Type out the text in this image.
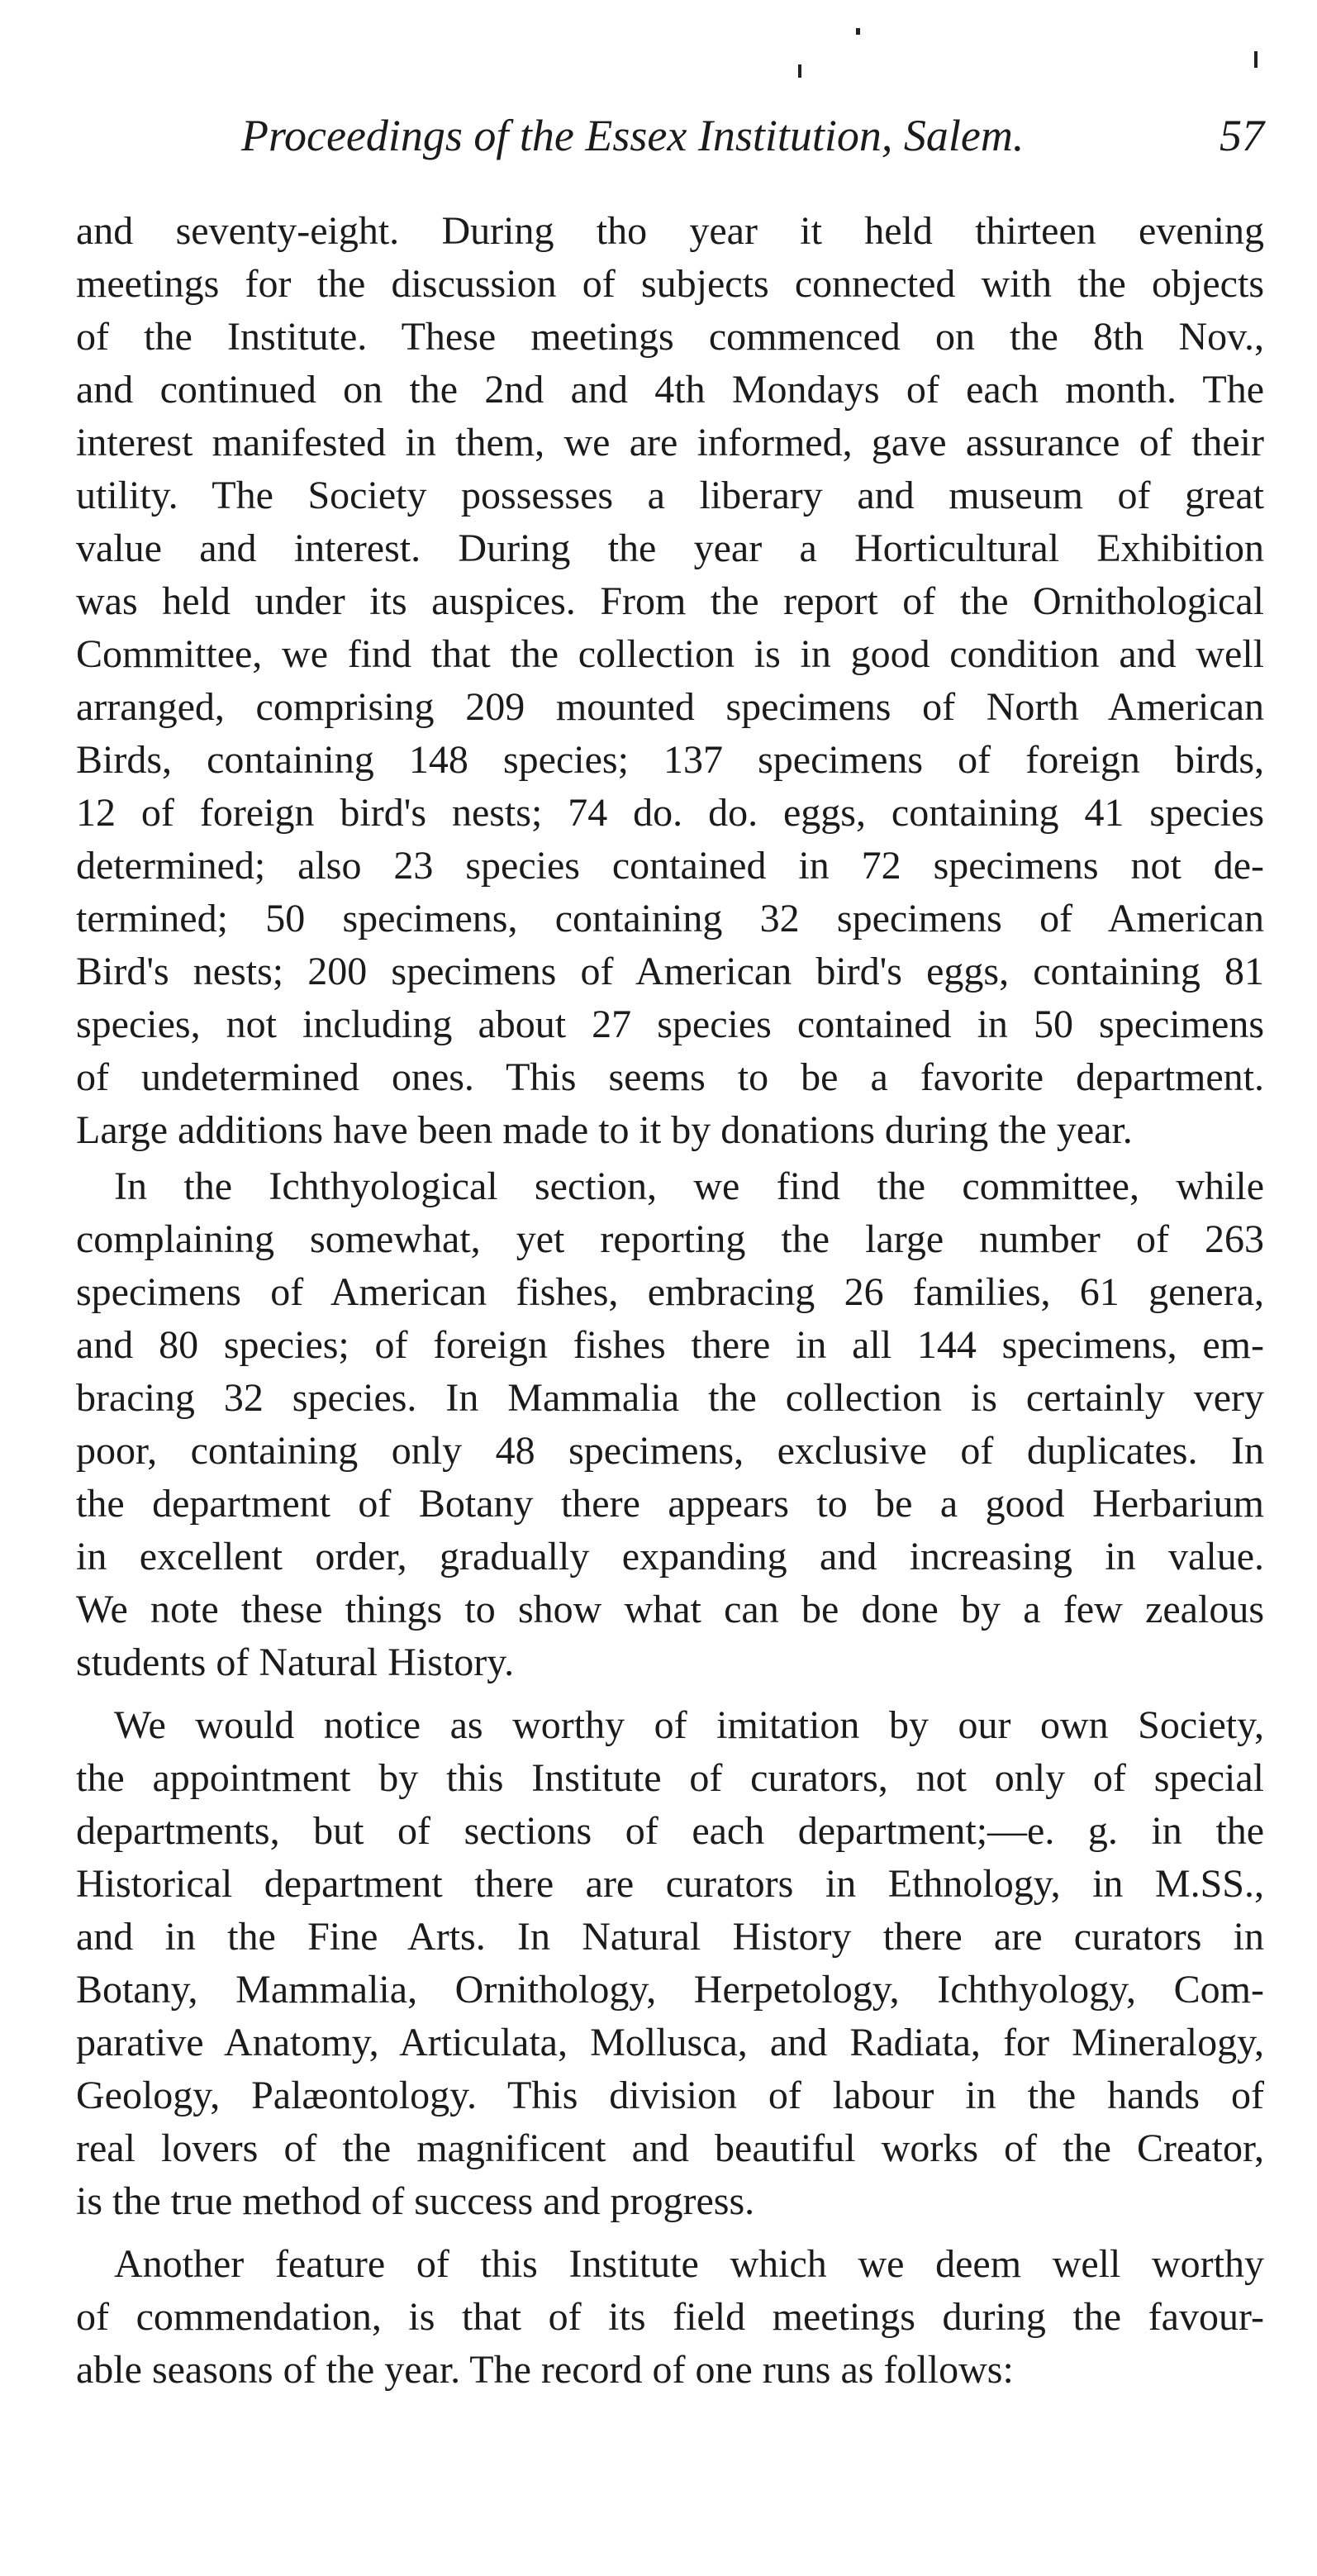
Proceedings of the Essex Institution, Salem.	57
and seventy-eight. During tho year it held thirteen evening
meetings for the discussion of subjects connected with the objects
of the Institute. These meetings commenced on the 8th Nov.,
and continued on the 2nd and 4th Mondays of each month. The
interest manifested in them, we are informed, gave assurance of their
utility. The Society possesses a liberary and museum of great
value and interest. During the year a Horticultural Exhibition
was held under its auspices. From the report of the Ornithological
Committee, we find that the collection is in good condition and well
arranged, comprising 209 mounted specimens of North American
Birds, containing 148 species; 137 specimens of foreign birds,
12 of foreign bird's nests; 74 do. do. eggs, containing 41 species
determined; also 23 species contained in 72 specimens not de-
termined; 50 specimens, containing 32 specimens of American
Bird's nests; 200 specimens of American bird's eggs, containing 81
species, not including about 27 species contained in 50 specimens
of undetermined ones. This seems to be a favorite department.
Large additions have been made to it by donations during the year.
In the Ichthyological section, we find the committee, while
complaining somewhat, yet reporting the large number of 263
specimens of American fishes, embracing 26 families, 61 genera,
and 80 species; of foreign fishes there in all 144 specimens, em-
bracing 32 species. In Mammalia the collection is certainly very
poor, containing only 48 specimens, exclusive of duplicates. In
the department of Botany there appears to be a good Herbarium
in excellent order, gradually expanding and increasing in value.
We note these things to show what can be done by a few zealous
students of Natural History.
We would notice as worthy of imitation by our own Society,
the appointment by this Institute of curators, not only of special
departments, but of sections of each department;—e. g. in the
Historical department there are curators in Ethnology, in M.SS.,
and in the Fine Arts. In Natural History there are curators in
Botany, Mammalia, Ornithology, Herpetology, Ichthyology, Com-
parative Anatomy, Articulata, Mollusca, and Radiata, for Mineralogy,
Geology, Palæontology. This division of labour in the hands of
real lovers of the magnificent and beautiful works of the Creator,
is the true method of success and progress.
Another feature of this Institute which we deem well worthy
of commendation, is that of its field meetings during the favour-
able seasons of the year. The record of one runs as follows:
